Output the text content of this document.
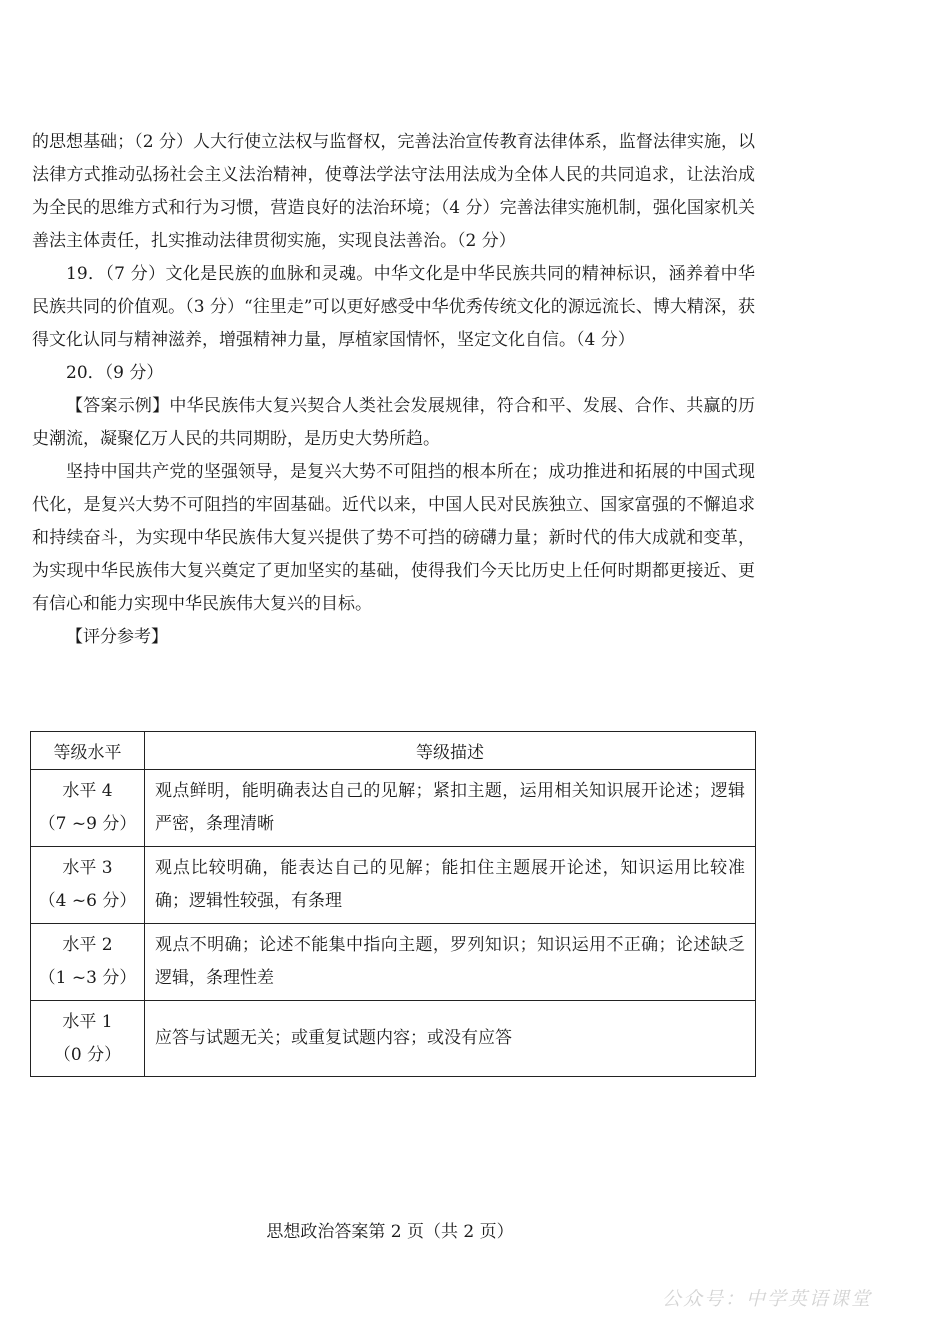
的思想基础；（2 分）人大行使立法权与监督权，完善法治宣传教育法律体系，监督法律实施，以法律方式推动弘扬社会主义法治精神，使尊法学法守法用法成为全体人民的共同追求，让法治成为全民的思维方式和行为习惯，营造良好的法治环境；（4 分）完善法律实施机制，强化国家机关善法主体责任，扎实推动法律贯彻实施，实现良法善治。（2 分）

19．（7 分）文化是民族的血脉和灵魂。中华文化是中华民族共同的精神标识，涵养着中华民族共同的价值观。（3 分）“往里走”可以更好感受中华优秀传统文化的源远流长、博大精深，获得文化认同与精神滋养，增强精神力量，厚植家国情怀，坚定文化自信。（4 分）

20．（9 分）

【答案示例】中华民族伟大复兴契合人类社会发展规律，符合和平、发展、合作、共赢的历史潮流，凝聚亿万人民的共同期盼，是历史大势所趋。

坚持中国共产党的坚强领导，是复兴大势不可阻挡的根本所在；成功推进和拓展的中国式现代化，是复兴大势不可阻挡的牢固基础。近代以来，中国人民对民族独立、国家富强的不懈追求和持续奋斗，为实现中华民族伟大复兴提供了势不可挡的磅礴力量；新时代的伟大成就和变革，为实现中华民族伟大复兴奠定了更加坚实的基础，使得我们今天比历史上任何时期都更接近、更有信心和能力实现中华民族伟大复兴的目标。

【评分参考】

等级水平	等级描述

水平 4
（7 ~9 分）	观点鲜明，能明确表达自己的见解；紧扣主题，运用相关知识展开论述；逻辑严密，条理清晰

水平 3
（4 ~6 分）	观点比较明确，能表达自己的见解；能扣住主题展开论述，知识运用比较准确；逻辑性较强，有条理

水平 2
（1 ~3 分）	观点不明确；论述不能集中指向主题，罗列知识；知识运用不正确；论述缺乏逻辑，条理性差

水平 1
（0 分）	应答与试题无关；或重复试题内容；或没有应答
思想政治答案第 2 页（共 2 页）
公众号：中学英语课堂
